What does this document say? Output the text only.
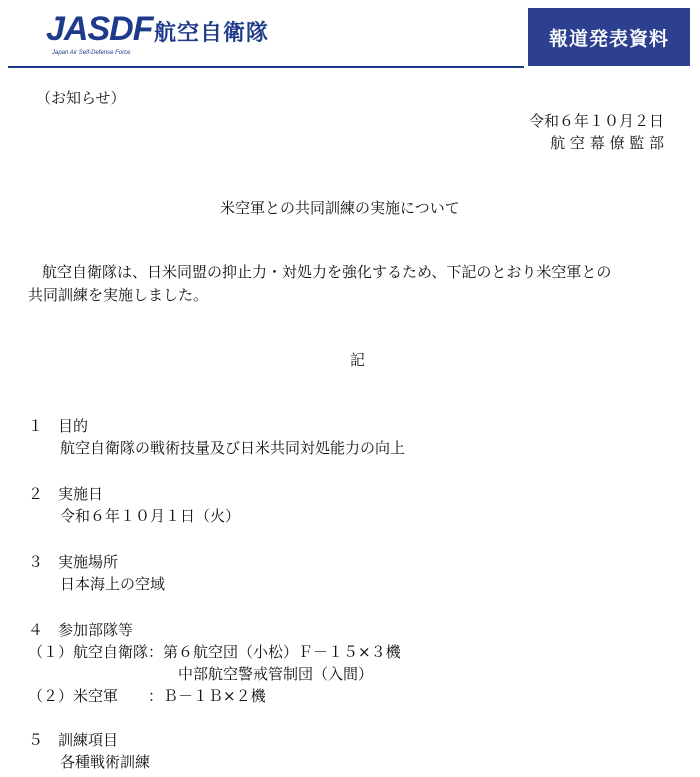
JASDF
Japan Air Self-Defense Force
航空自衛隊	報道発表資料
（お知らせ）
令和６年１０月２日
航 空 幕 僚 監 部
米空軍との共同訓練の実施について
航空自衛隊は、日米同盟の抑止力・対処力を強化するため、下記のとおり米空軍との
共同訓練を実施しました。
記
１　目的
航空自衛隊の戦術技量及び日米共同対処能力の向上
２　実施日
令和６年１０月１日（火）
３　実施場所
日本海上の空域
４　参加部隊等
（１）航空自衛隊：第６航空団（小松）Ｆ－１５×３機
中部航空警戒管制団（入間）
（２）米空軍　　：Ｂ－１Ｂ×２機
５　訓練項目
各種戦術訓練
